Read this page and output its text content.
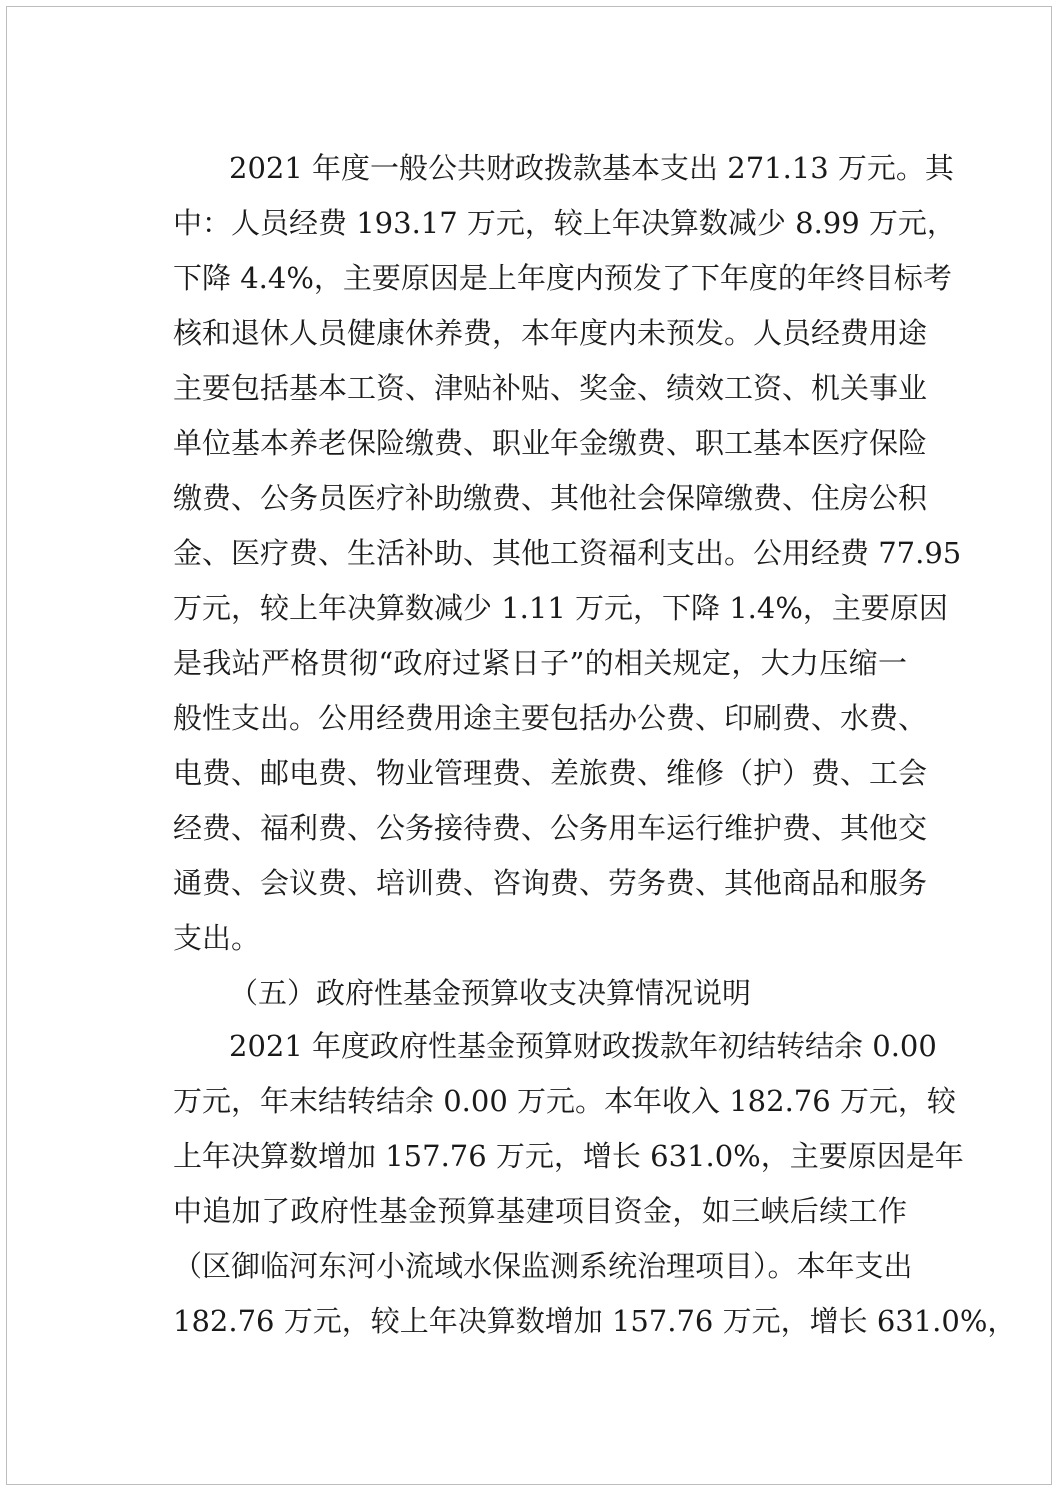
2021 年度一般公共财政拨款基本支出 271.13 万元。其
中：人员经费 193.17 万元，较上年决算数减少 8.99 万元，
下降 4.4%，主要原因是上年度内预发了下年度的年终目标考
核和退休人员健康休养费，本年度内未预发。人员经费用途
主要包括基本工资、津贴补贴、奖金、绩效工资、机关事业
单位基本养老保险缴费、职业年金缴费、职工基本医疗保险
缴费、公务员医疗补助缴费、其他社会保障缴费、住房公积
金、医疗费、生活补助、其他工资福利支出。公用经费 77.95
万元，较上年决算数减少 1.11 万元，下降 1.4%，主要原因
是我站严格贯彻“政府过紧日子”的相关规定，大力压缩一
般性支出。公用经费用途主要包括办公费、印刷费、水费、
电费、邮电费、物业管理费、差旅费、维修（护）费、工会
经费、福利费、公务接待费、公务用车运行维护费、其他交
通费、会议费、培训费、咨询费、劳务费、其他商品和服务
支出。
（五）政府性基金预算收支决算情况说明
2021 年度政府性基金预算财政拨款年初结转结余 0.00
万元，年末结转结余 0.00 万元。本年收入 182.76 万元，较
上年决算数增加 157.76 万元，增长 631.0%，主要原因是年
中追加了政府性基金预算基建项目资金，如三峡后续工作
（区御临河东河小流域水保监测系统治理项目）。本年支出
182.76 万元，较上年决算数增加 157.76 万元，增长 631.0%，
